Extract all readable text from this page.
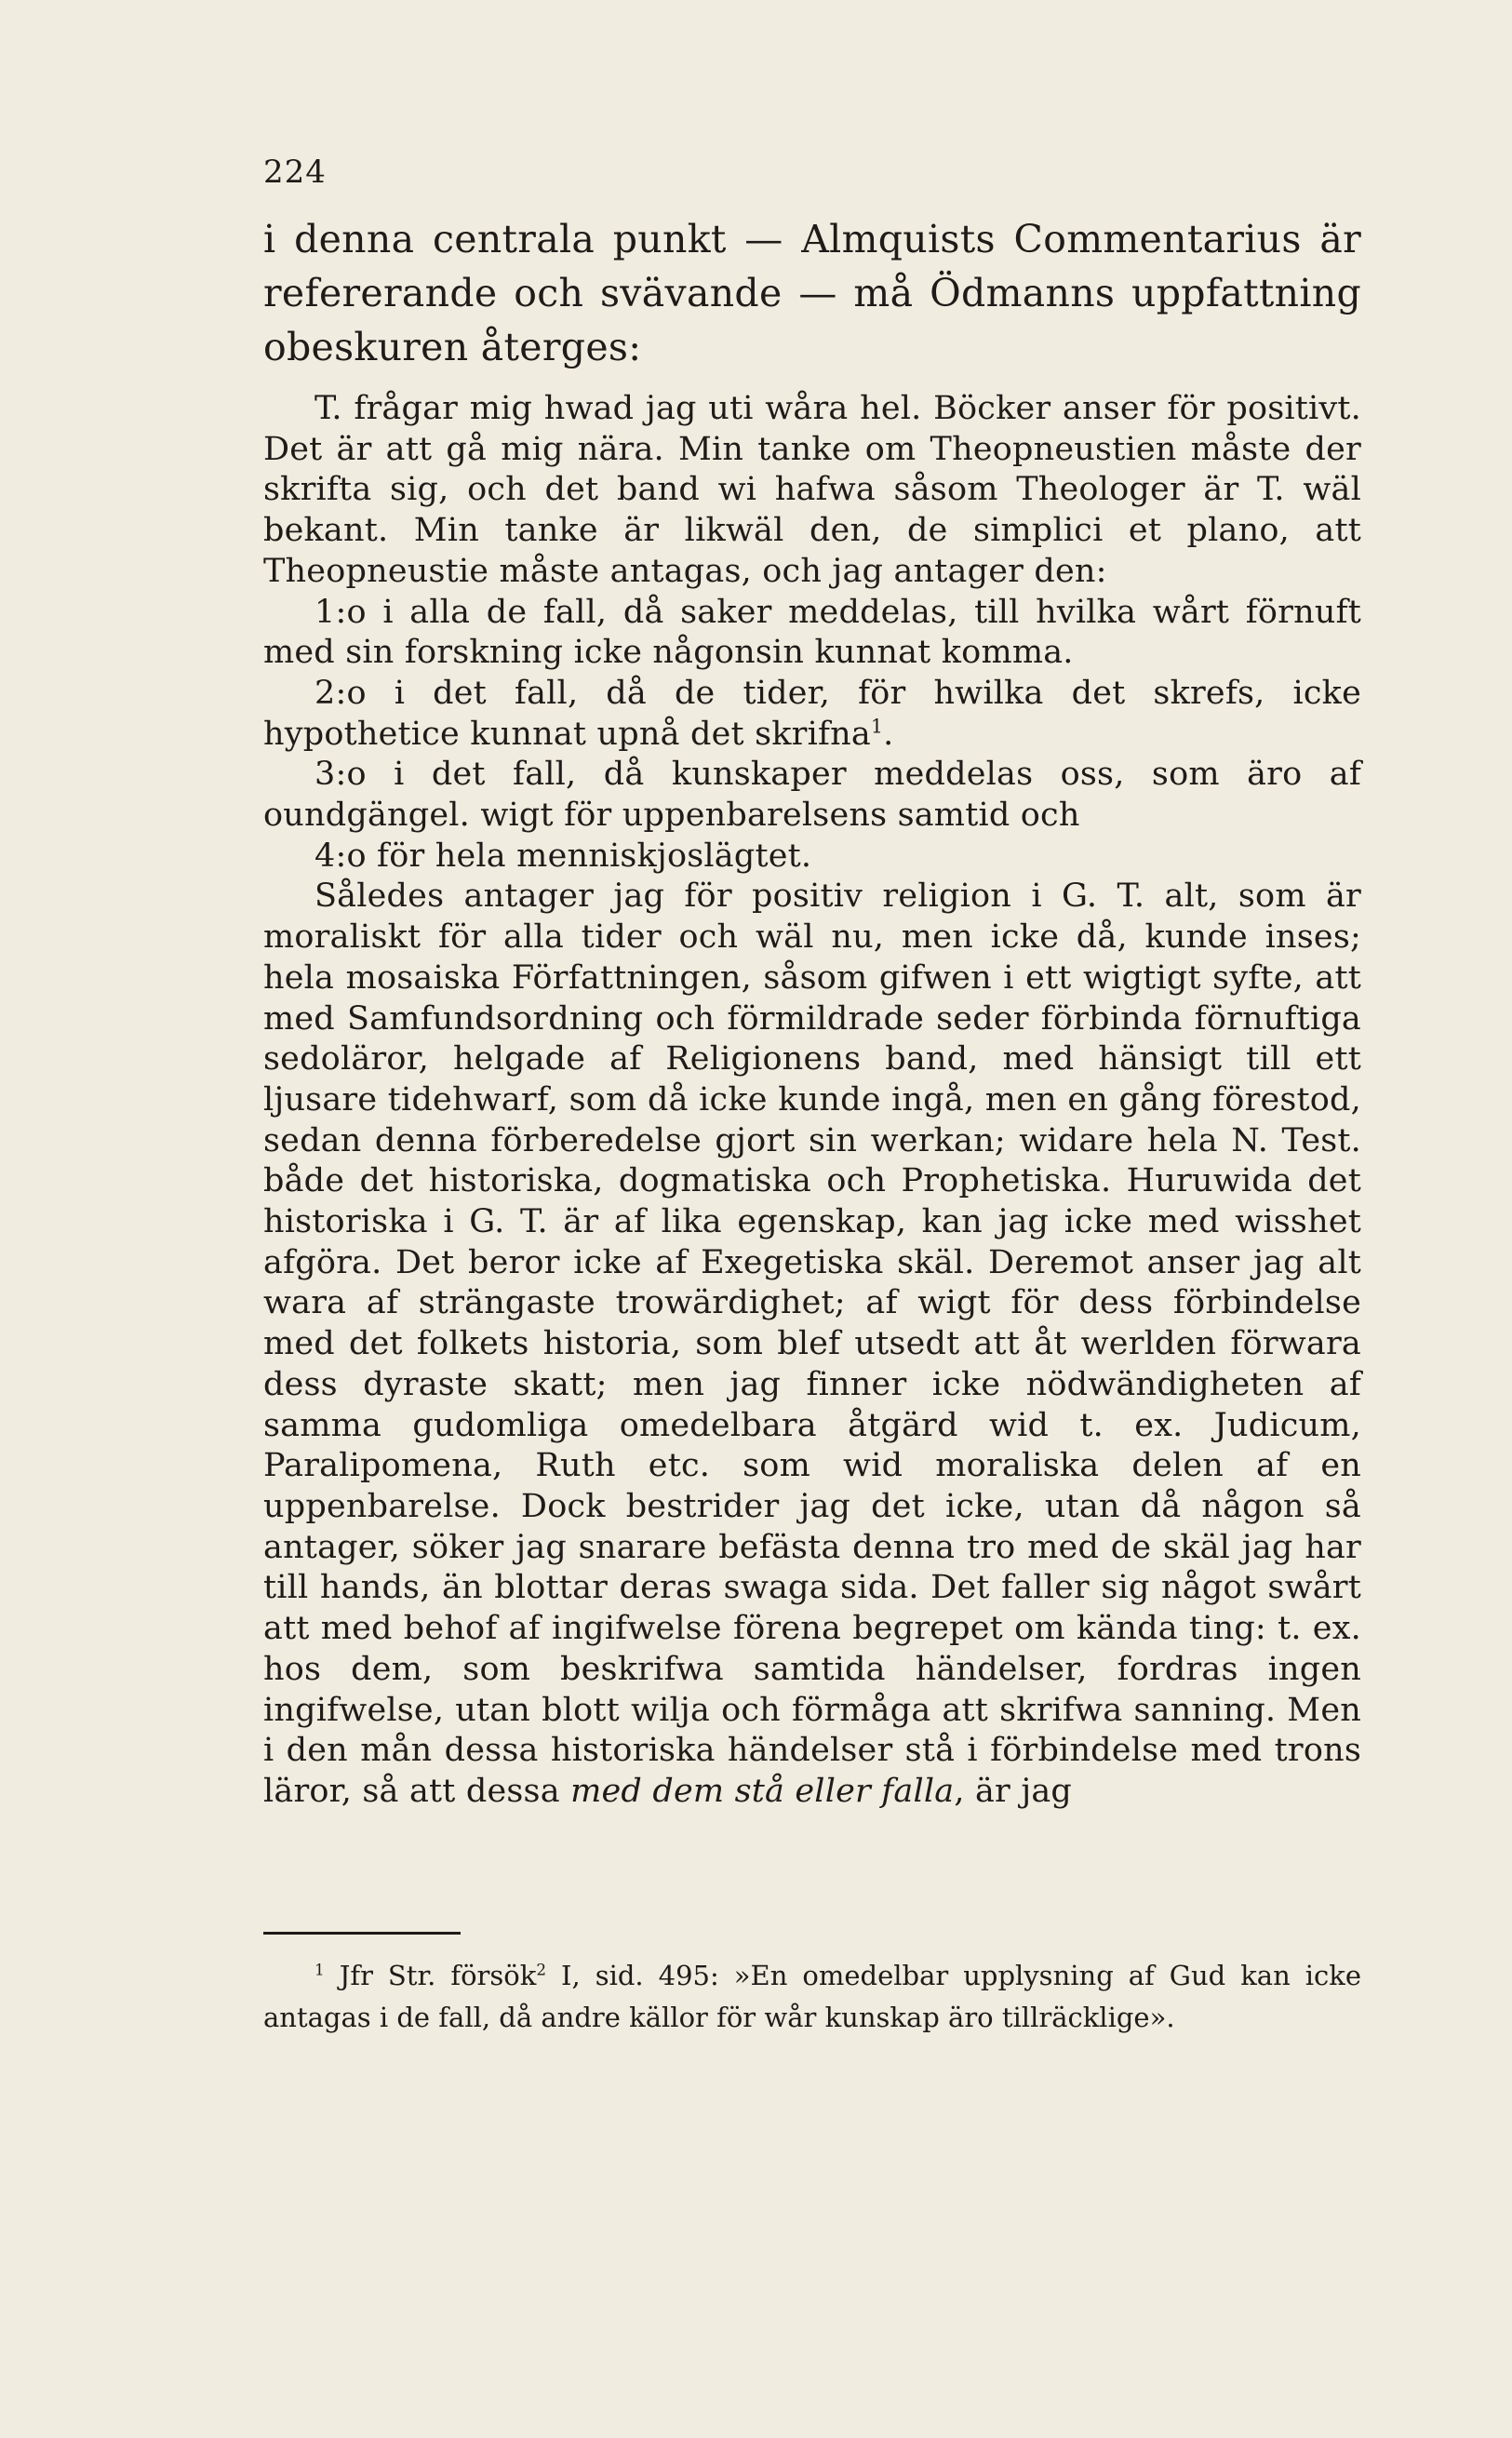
224
i denna centrala punkt — Almquists Commentarius är refererande och svävande — må Ödmanns uppfattning obeskuren återges:

T. frågar mig hwad jag uti wåra hel. Böcker anser för positivt. Det är att gå mig nära. Min tanke om Theopneustien måste der skrifta sig, och det band wi hafwa såsom Theologer är T. wäl bekant. Min tanke är likwäl den, de simplici et plano, att Theopneustie måste antagas, och jag antager den:

1:o i alla de fall, då saker meddelas, till hvilka wårt förnuft med sin forskning icke någonsin kunnat komma.

2:o i det fall, då de tider, för hwilka det skrefs, icke hypothetice kunnat upnå det skrifna$^1$.

3:o i det fall, då kunskaper meddelas oss, som äro af oundgängel. wigt för uppenbarelsens samtid och

4:o för hela menniskjoslägtet.

Således antager jag för positiv religion i G. T. alt, som är moraliskt för alla tider och wäl nu, men icke då, kunde inses; hela mosaiska Författningen, såsom gifwen i ett wigtigt syfte, att med Samfundsordning och förmildrade seder förbinda förnuftiga sedoläror, helgade af Religionens band, med hänsigt till ett ljusare tidehwarf, som då icke kunde ingå, men en gång förestod, sedan denna förberedelse gjort sin werkan; widare hela N. Test. både det historiska, dogmatiska och Prophetiska. Huruwida det historiska i G. T. är af lika egenskap, kan jag icke med wisshet afgöra. Det beror icke af Exegetiska skäl. Deremot anser jag alt wara af strängaste trowärdighet; af wigt för dess förbindelse med det folkets historia, som blef utsedt att åt werlden förwara dess dyraste skatt; men jag finner icke nödwändigheten af samma gudomliga omedelbara åtgärd wid t. ex. Judicum, Paralipomena, Ruth etc. som wid moraliska delen af en uppenbarelse. Dock bestrider jag det icke, utan då någon så antager, söker jag snarare befästa denna tro med de skäl jag har till hands, än blottar deras swaga sida. Det faller sig något swårt att med behof af ingifwelse förena begrepet om kända ting: t. ex. hos dem, som beskrifwa samtida händelser, fordras ingen ingifwelse, utan blott wilja och förmåga att skrifwa sanning. Men i den mån dessa historiska händelser stå i förbindelse med trons läror, så att dessa med dem stå eller falla, är jag

$^1$ Jfr Str. försök$^2$ I, sid. 495: »En omedelbar upplysning af Gud kan icke antagas i de fall, då andre källor för wår kunskap äro tillräcklige».
